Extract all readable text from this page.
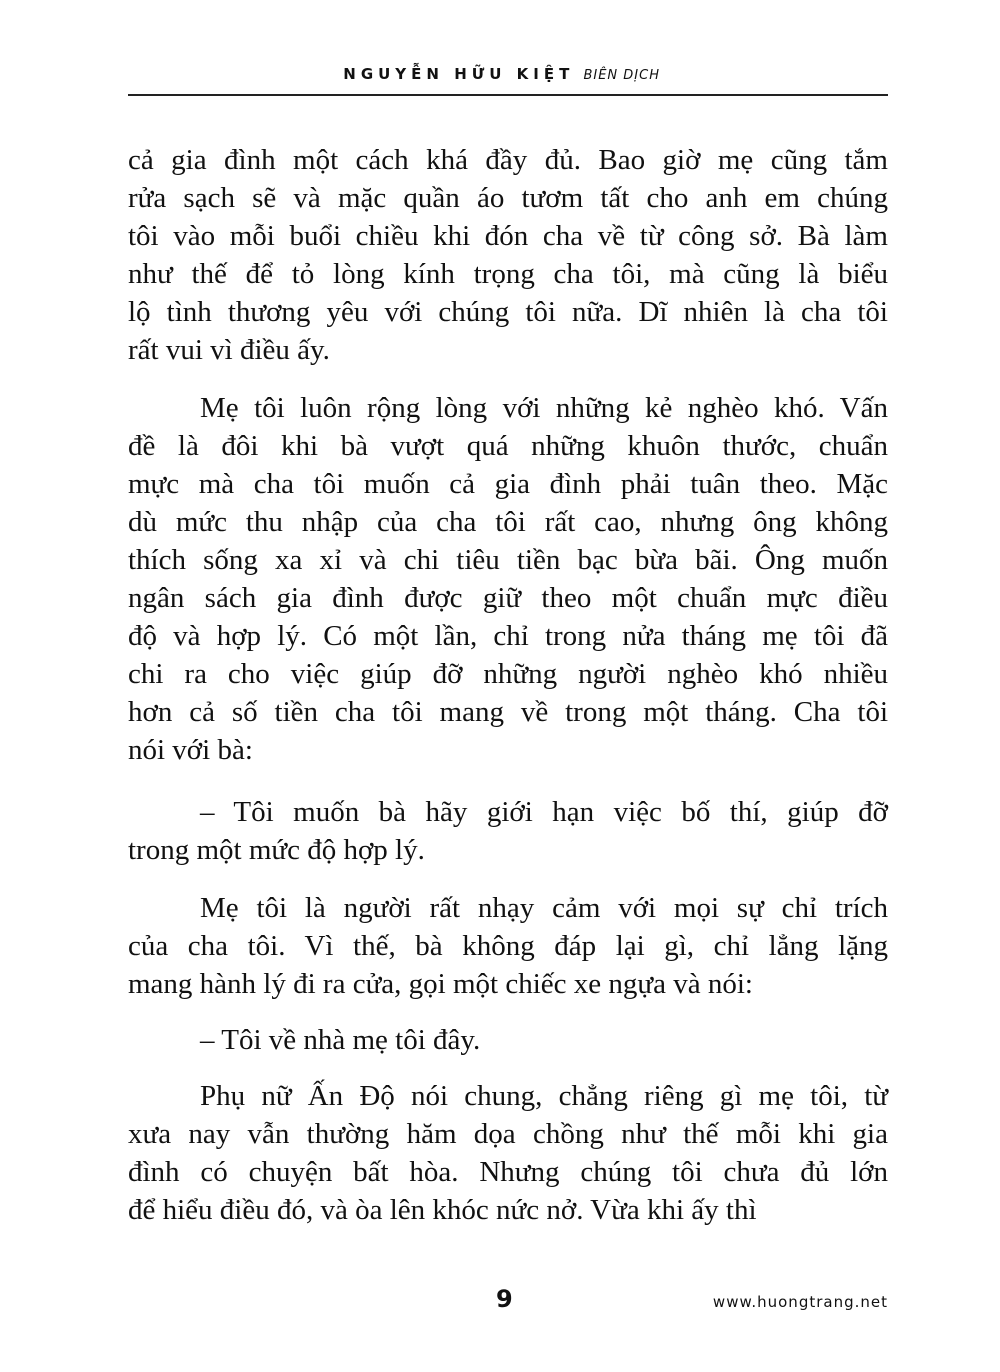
NGUYỄN HỮU KIỆT BIÊN DỊCH
cả gia đình một cách khá đầy đủ. Bao giờ mẹ cũng tắm
rửa sạch sẽ và mặc quần áo tươm tất cho anh em chúng
tôi vào mỗi buổi chiều khi đón cha về từ công sở. Bà làm
như thế để tỏ lòng kính trọng cha tôi, mà cũng là biểu
lộ tình thương yêu với chúng tôi nữa. Dĩ nhiên là cha tôi
rất vui vì điều ấy.
Mẹ tôi luôn rộng lòng với những kẻ nghèo khó. Vấn
đề là đôi khi bà vượt quá những khuôn thước, chuẩn
mực mà cha tôi muốn cả gia đình phải tuân theo. Mặc
dù mức thu nhập của cha tôi rất cao, nhưng ông không
thích sống xa xỉ và chi tiêu tiền bạc bừa bãi. Ông muốn
ngân sách gia đình được giữ theo một chuẩn mực điều
độ và hợp lý. Có một lần, chỉ trong nửa tháng mẹ tôi đã
chi ra cho việc giúp đỡ những người nghèo khó nhiều
hơn cả số tiền cha tôi mang về trong một tháng. Cha tôi
nói với bà:
– Tôi muốn bà hãy giới hạn việc bố thí, giúp đỡ
trong một mức độ hợp lý.
Mẹ tôi là người rất nhạy cảm với mọi sự chỉ trích
của cha tôi. Vì thế, bà không đáp lại gì, chỉ lẳng lặng
mang hành lý đi ra cửa, gọi một chiếc xe ngựa và nói:
– Tôi về nhà mẹ tôi đây.
Phụ nữ Ấn Độ nói chung, chẳng riêng gì mẹ tôi, từ
xưa nay vẫn thường hăm dọa chồng như thế mỗi khi gia
đình có chuyện bất hòa. Nhưng chúng tôi chưa đủ lớn
để hiểu điều đó, và òa lên khóc nức nở. Vừa khi ấy thì
9	www.huongtrang.net
